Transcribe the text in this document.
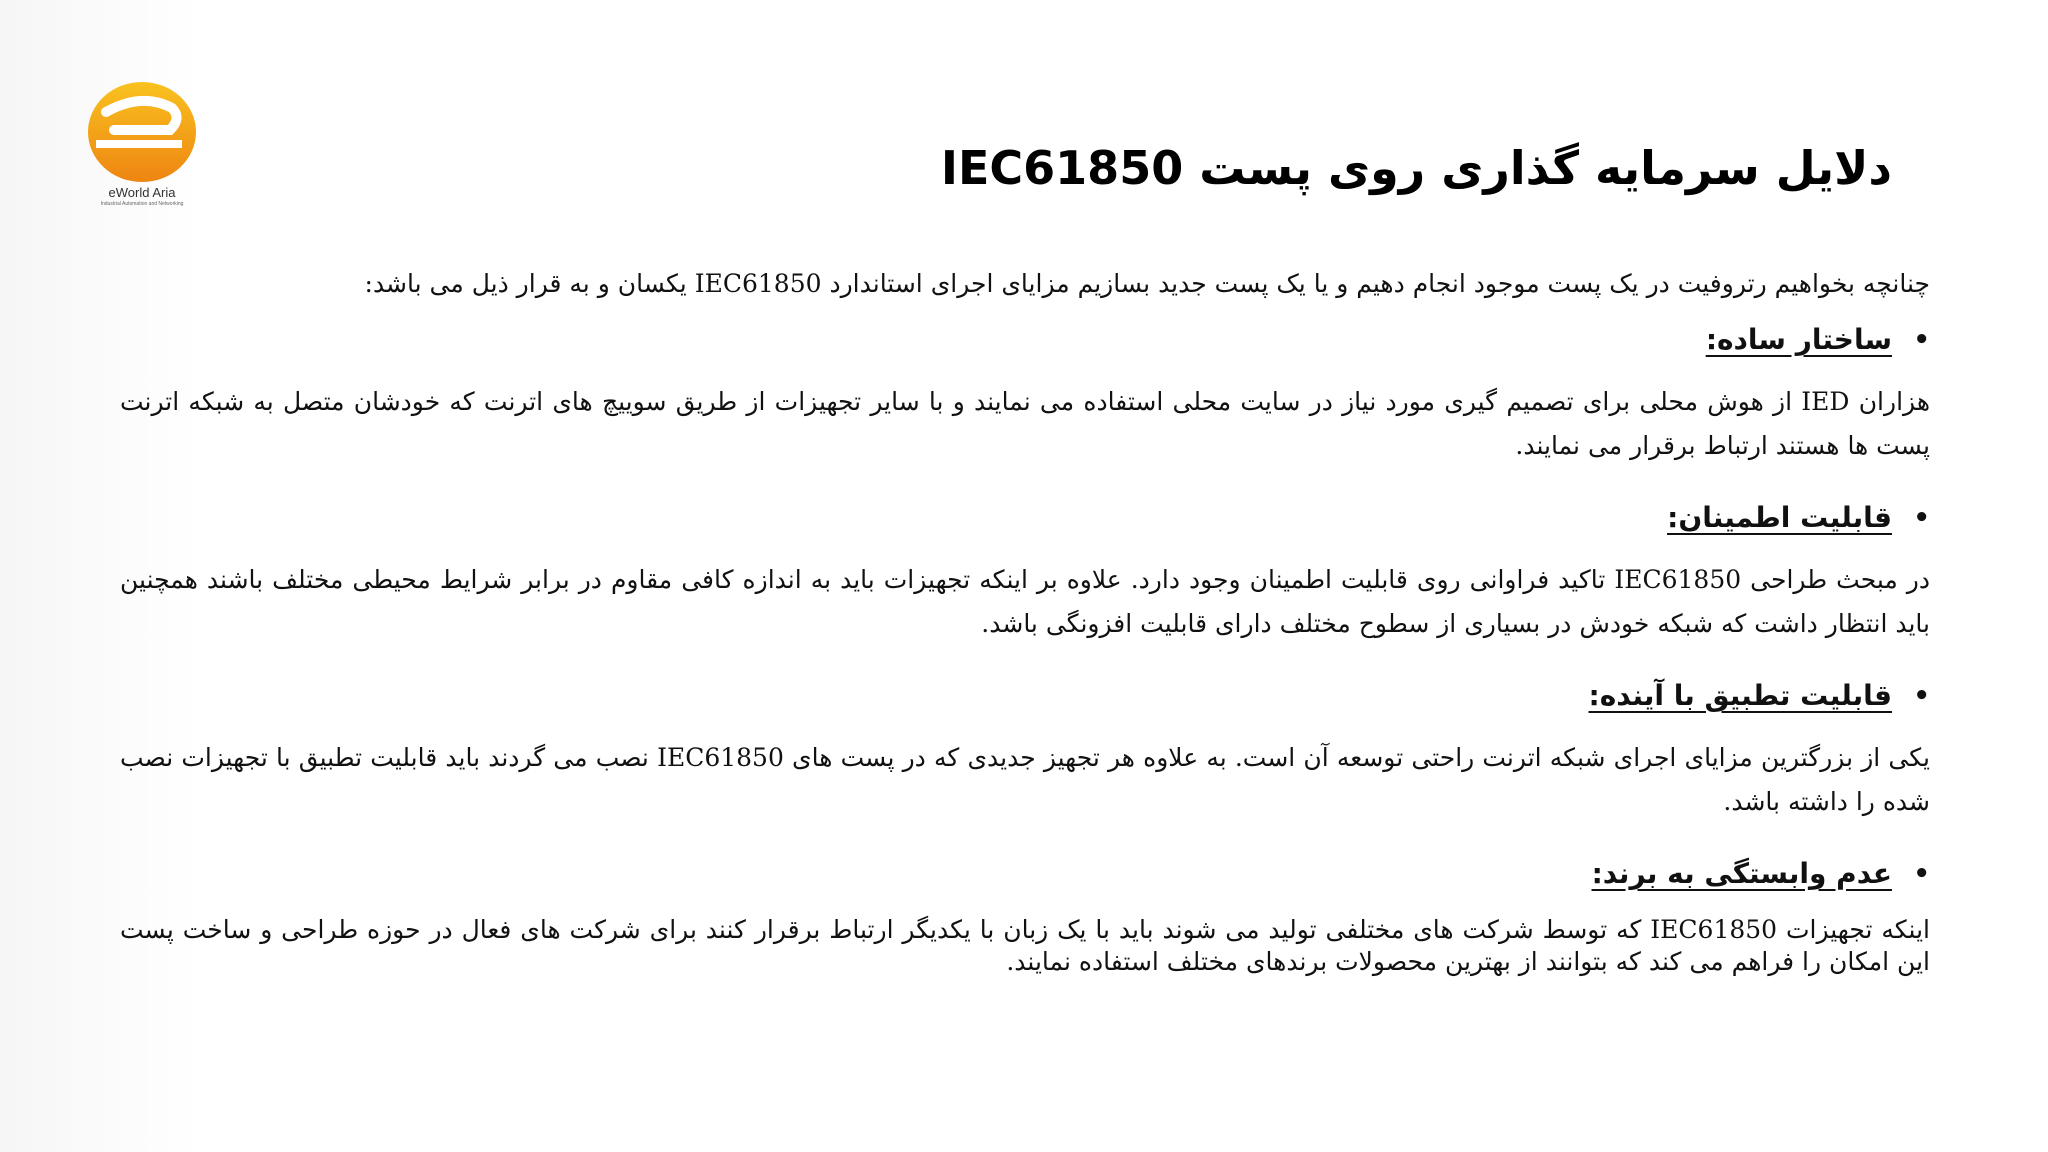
eWorld Aria
Industrial Automation and Networking
دلایل سرمایه گذاری روی پست IEC61850
چنانچه بخواهیم رتروفیت در یک پست موجود انجام دهیم و یا یک پست جدید بسازیم مزایای اجرای استاندارد IEC61850 یکسان و به قرار ذیل می باشد:
•
ساختار ساده:
هزاران IED از هوش محلی برای تصمیم گیری مورد نیاز در سایت محلی استفاده می نمایند و با سایر تجهیزات از طریق سوییچ های اترنت که خودشان متصل به شبکه اترنت پست ها هستند ارتباط برقرار می نمایند.
•
قابلیت اطمینان:
در مبحث طراحی IEC61850 تاکید فراوانی روی قابلیت اطمینان وجود دارد. علاوه بر اینکه تجهیزات باید به اندازه کافی مقاوم در برابر شرایط محیطی مختلف باشند همچنین باید انتظار داشت که شبکه خودش در بسیاری از سطوح مختلف دارای قابلیت افزونگی باشد.
•
قابلیت تطبیق با آینده:
یکی از بزرگترین مزایای اجرای شبکه اترنت راحتی توسعه آن است. به علاوه هر تجهیز جدیدی که در پست های IEC61850 نصب می گردند باید قابلیت تطبیق با تجهیزات نصب شده را داشته باشد.
•
عدم وابستگی به برند:
اینکه تجهیزات IEC61850 که توسط شرکت های مختلفی تولید می شوند باید با یک زبان با یکدیگر ارتباط برقرار کنند برای شرکت های فعال در حوزه طراحی و ساخت پست این امکان را فراهم می کند که بتوانند از بهترین محصولات برندهای مختلف استفاده نمایند.
